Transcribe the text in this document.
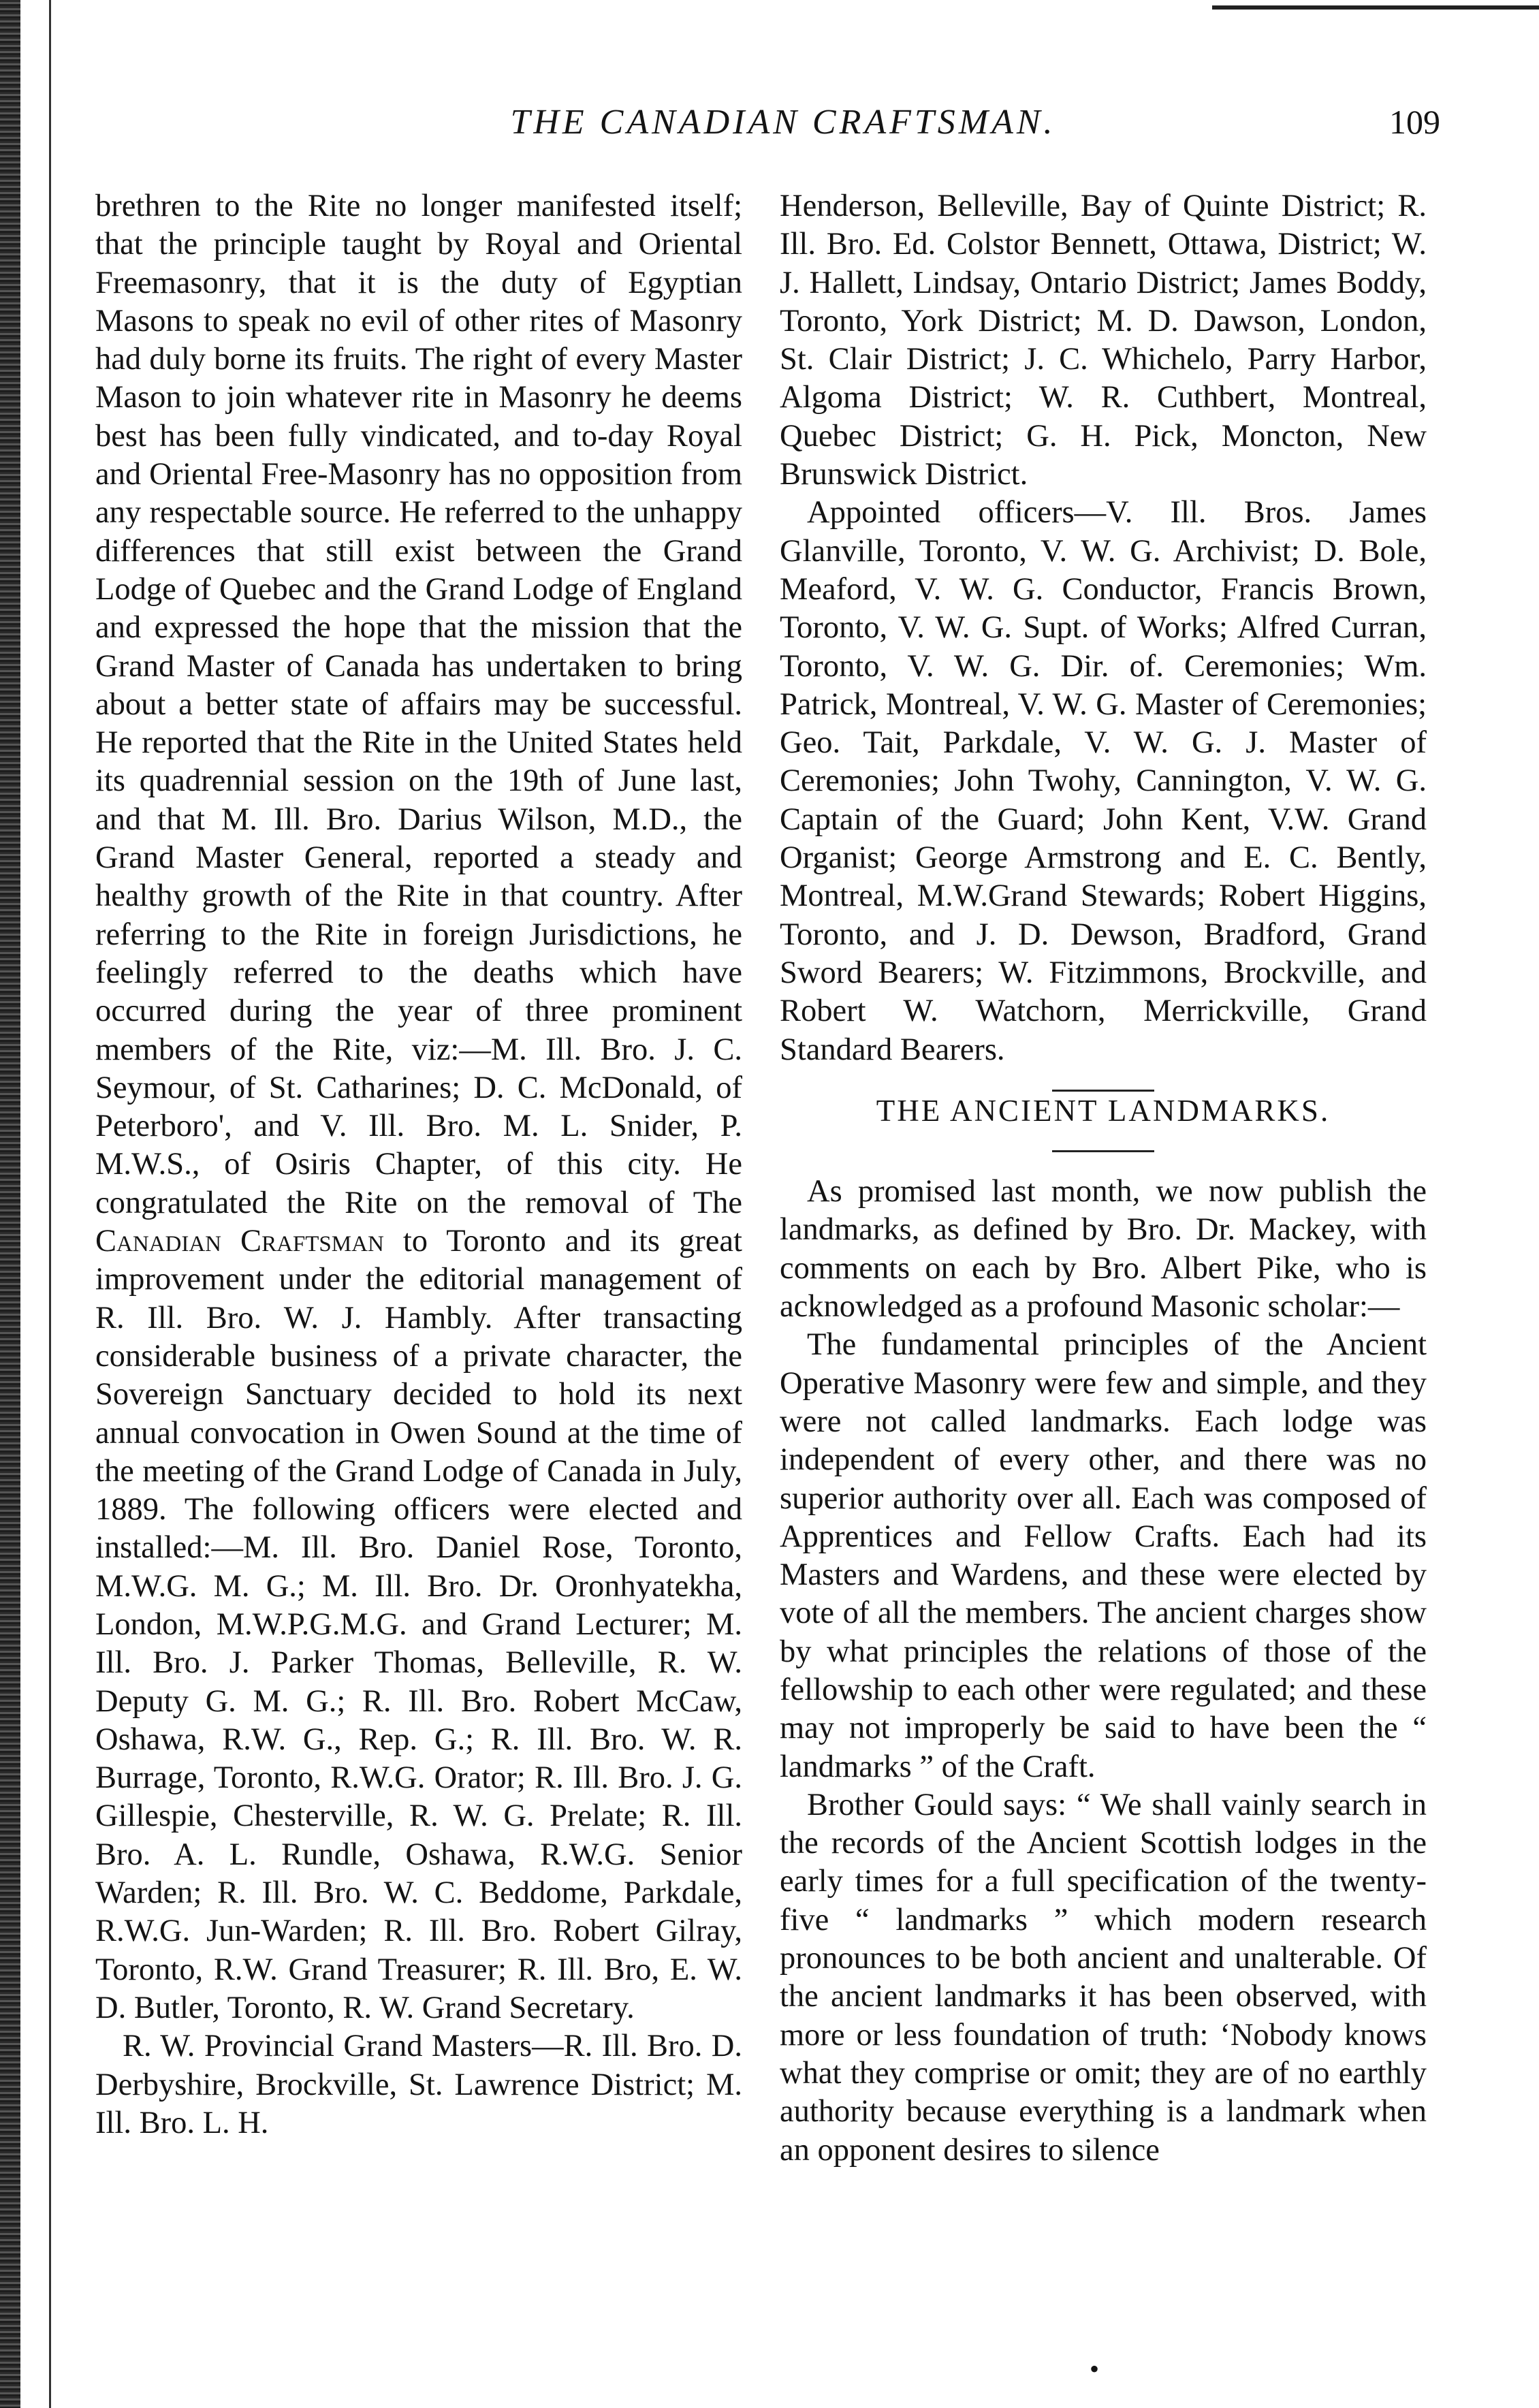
THE CANADIAN CRAFTSMAN.	109

brethren to the Rite no longer manifested itself; that the principle taught by Royal and Oriental Freemasonry, that it is the duty of Egyptian Masons to speak no evil of other rites of Masonry had duly borne its fruits. The right of every Master Mason to join whatever rite in Masonry he deems best has been fully vindicated, and to-day Royal and Oriental Free-Masonry has no opposition from any respectable source. He referred to the unhappy differences that still exist between the Grand Lodge of Quebec and the Grand Lodge of England and expressed the hope that the mission that the Grand Master of Canada has undertaken to bring about a better state of affairs may be successful. He reported that the Rite in the United States held its quadrennial session on the 19th of June last, and that M. Ill. Bro. Darius Wilson, M.D., the Grand Master General, reported a steady and healthy growth of the Rite in that country. After referring to the Rite in foreign Jurisdictions, he feelingly referred to the deaths which have occurred during the year of three prominent members of the Rite, viz:—M. Ill. Bro. J. C. Seymour, of St. Catharines; D. C. McDonald, of Peterboro', and V. Ill. Bro. M. L. Snider, P. M.W.S., of Osiris Chapter, of this city. He congratulated the Rite on the removal of The Canadian Craftsman to Toronto and its great improvement under the editorial management of R. Ill. Bro. W. J. Hambly. After transacting considerable business of a private character, the Sovereign Sanctuary decided to hold its next annual convocation in Owen Sound at the time of the meeting of the Grand Lodge of Canada in July, 1889. The following officers were elected and installed:—M. Ill. Bro. Daniel Rose, Toronto, M.W.G. M. G.; M. Ill. Bro. Dr. Oronhyatekha, London, M.W.P.G.M.G. and Grand Lecturer; M. Ill. Bro. J. Parker Thomas, Belleville, R. W. Deputy G. M. G.; R. Ill. Bro. Robert McCaw, Oshawa, R.W. G., Rep. G.; R. Ill. Bro. W. R. Burrage, Toronto, R.W.G. Orator; R. Ill. Bro. J. G. Gillespie, Chesterville, R. W. G. Prelate; R. Ill. Bro. A. L. Rundle, Oshawa, R.W.G. Senior Warden; R. Ill. Bro. W. C. Beddome, Parkdale, R.W.G. Jun-Warden; R. Ill. Bro. Robert Gilray, Toronto, R.W. Grand Treasurer; R. Ill. Bro, E. W. D. Butler, Toronto, R. W. Grand Secretary.

R. W. Provincial Grand Masters—R. Ill. Bro. D. Derbyshire, Brockville, St. Lawrence District; M. Ill. Bro. L. H.

Henderson, Belleville, Bay of Quinte District; R. Ill. Bro. Ed. Colstor Bennett, Ottawa, District; W. J. Hallett, Lindsay, Ontario District; James Boddy, Toronto, York District; M. D. Dawson, London, St. Clair District; J. C. Whichelo, Parry Harbor, Algoma District; W. R. Cuthbert, Montreal, Quebec District; G. H. Pick, Moncton, New Brunswick District.

Appointed officers—V. Ill. Bros. James Glanville, Toronto, V. W. G. Archivist; D. Bole, Meaford, V. W. G. Conductor, Francis Brown, Toronto, V. W. G. Supt. of Works; Alfred Curran, Toronto, V. W. G. Dir. of. Ceremonies; Wm. Patrick, Montreal, V. W. G. Master of Ceremonies; Geo. Tait, Parkdale, V. W. G. J. Master of Ceremonies; John Twohy, Cannington, V. W. G. Captain of the Guard; John Kent, V.W. Grand Organist; George Armstrong and E. C. Bently, Montreal, M.W.Grand Stewards; Robert Higgins, Toronto, and J. D. Dewson, Bradford, Grand Sword Bearers; W. Fitzimmons, Brockville, and Robert W. Watchorn, Merrickville, Grand Standard Bearers.

THE ANCIENT LANDMARKS.

As promised last month, we now publish the landmarks, as defined by Bro. Dr. Mackey, with comments on each by Bro. Albert Pike, who is acknowledged as a profound Masonic scholar:—

The fundamental principles of the Ancient Operative Masonry were few and simple, and they were not called landmarks. Each lodge was independent of every other, and there was no superior authority over all. Each was composed of Apprentices and Fellow Crafts. Each had its Masters and Wardens, and these were elected by vote of all the members. The ancient charges show by what principles the relations of those of the fellowship to each other were regulated; and these may not improperly be said to have been the “ landmarks ” of the Craft.

Brother Gould says: “ We shall vainly search in the records of the Ancient Scottish lodges in the early times for a full specification of the twenty-five “ landmarks ” which modern research pronounces to be both ancient and unalterable. Of the ancient landmarks it has been observed, with more or less foundation of truth: ‘Nobody knows what they comprise or omit; they are of no earthly authority because everything is a landmark when an opponent desires to silence

•
